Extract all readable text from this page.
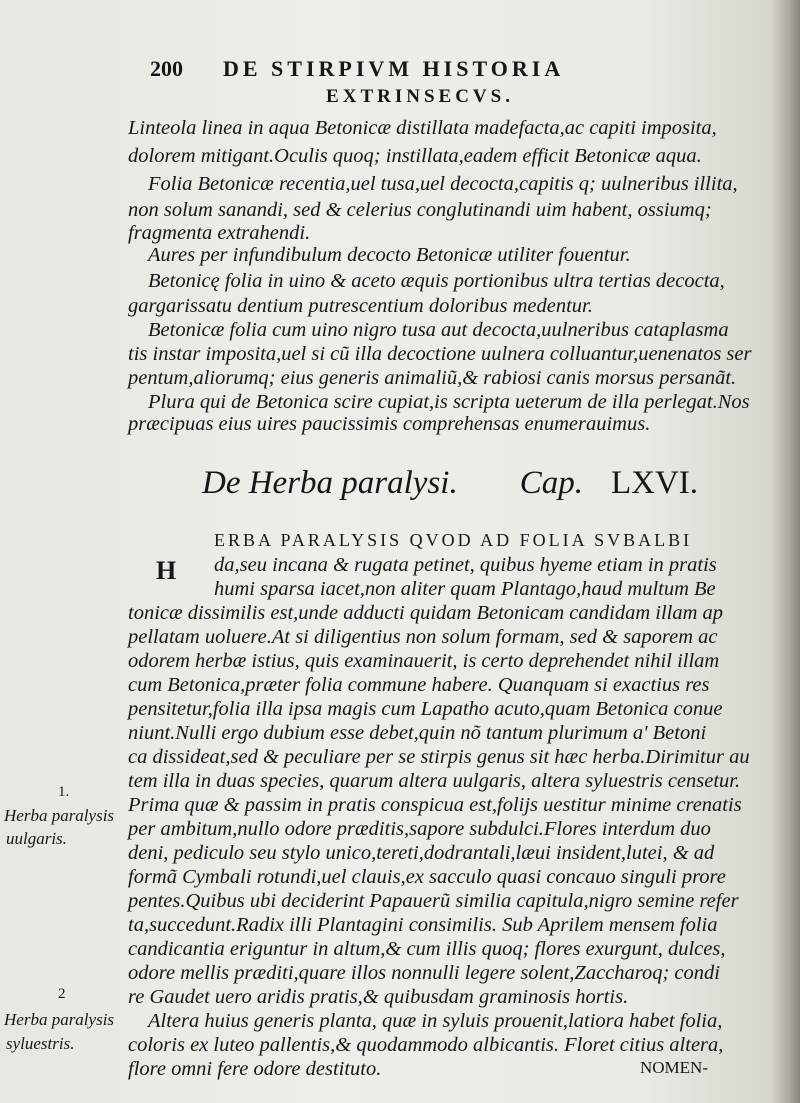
200 DE STIRPIVM HISTORIA
EXTRINSECVS.
Linteola linea in aqua Betonicæ distillata madefacta,ac capiti imposita,
dolorem mitigant.Oculis quoq; instillata,eadem efficit Betonicæ aqua.
Folia Betonicæ recentia,uel tusa,uel decocta,capitis q; uulneribus illita,
non solum sanandi, sed & celerius conglutinandi uim habent, ossiumq;
fragmenta extrahendi.
Aures per infundibulum decocto Betonicæ utiliter fouentur.
Betonicę folia in uino & aceto æquis portionibus ultra tertias decocta,
gargarissatu dentium putrescentium doloribus medentur.
Betonicæ folia cum uino nigro tusa aut decocta,uulneribus cataplasma
tis instar imposita,uel si cũ illa decoctione uulnera colluantur,uenenatos ser
pentum,aliorumq; eius generis animaliũ,& rabiosi canis morsus persanãt.
Plura qui de Betonica scire cupiat,is scripta ueterum de illa perlegat.Nos
præcipuas eius uires paucissimis comprehensas enumerauimus.
De Herba paralysi. Cap. LXVI.
H
ERBA PARALYSIS QVOD AD FOLIA SVBALBI
da,seu incana & rugata petinet, quibus hyeme etiam in pratis
humi sparsa iacet,non aliter quam Plantago,haud multum Be
tonicæ dissimilis est,unde adducti quidam Betonicam candidam illam ap
pellatam uoluere.At si diligentius non solum formam, sed & saporem ac
odorem herbæ istius, quis examinauerit, is certo deprehendet nihil illam
cum Betonica,præter folia commune habere. Quanquam si exactius res
pensitetur,folia illa ipsa magis cum Lapatho acuto,quam Betonica conue
niunt.Nulli ergo dubium esse debet,quin nõ tantum plurimum a' Betoni
ca dissideat,sed & peculiare per se stirpis genus sit hæc herba.Dirimitur au
tem illa in duas species, quarum altera uulgaris, altera syluestris censetur.
Prima quæ & passim in pratis conspicua est,folijs uestitur minime crenatis
per ambitum,nullo odore præditis,sapore subdulci.Flores interdum duo
deni, pediculo seu stylo unico,tereti,dodrantali,læui insident,lutei, & ad
formã Cymbali rotundi,uel clauis,ex sacculo quasi concauo singuli prore
pentes.Quibus ubi deciderint Papauerũ similia capitula,nigro semine refer
ta,succedunt.Radix illi Plantagini consimilis. Sub Aprilem mensem folia
candicantia eriguntur in altum,& cum illis quoq; flores exurgunt, dulces,
odore mellis præditi,quare illos nonnulli legere solent,Zaccharoq; condi
re Gaudet uero aridis pratis,& quibusdam graminosis hortis.
Altera huius generis planta, quæ in syluis prouenit,latiora habet folia,
coloris ex luteo pallentis,& quodammodo albicantis. Floret citius altera,
flore omni fere odore destituto.	NOMEN-
1.
Herba paralysis
uulgaris.
2
Herba paralysis
syluestris.
